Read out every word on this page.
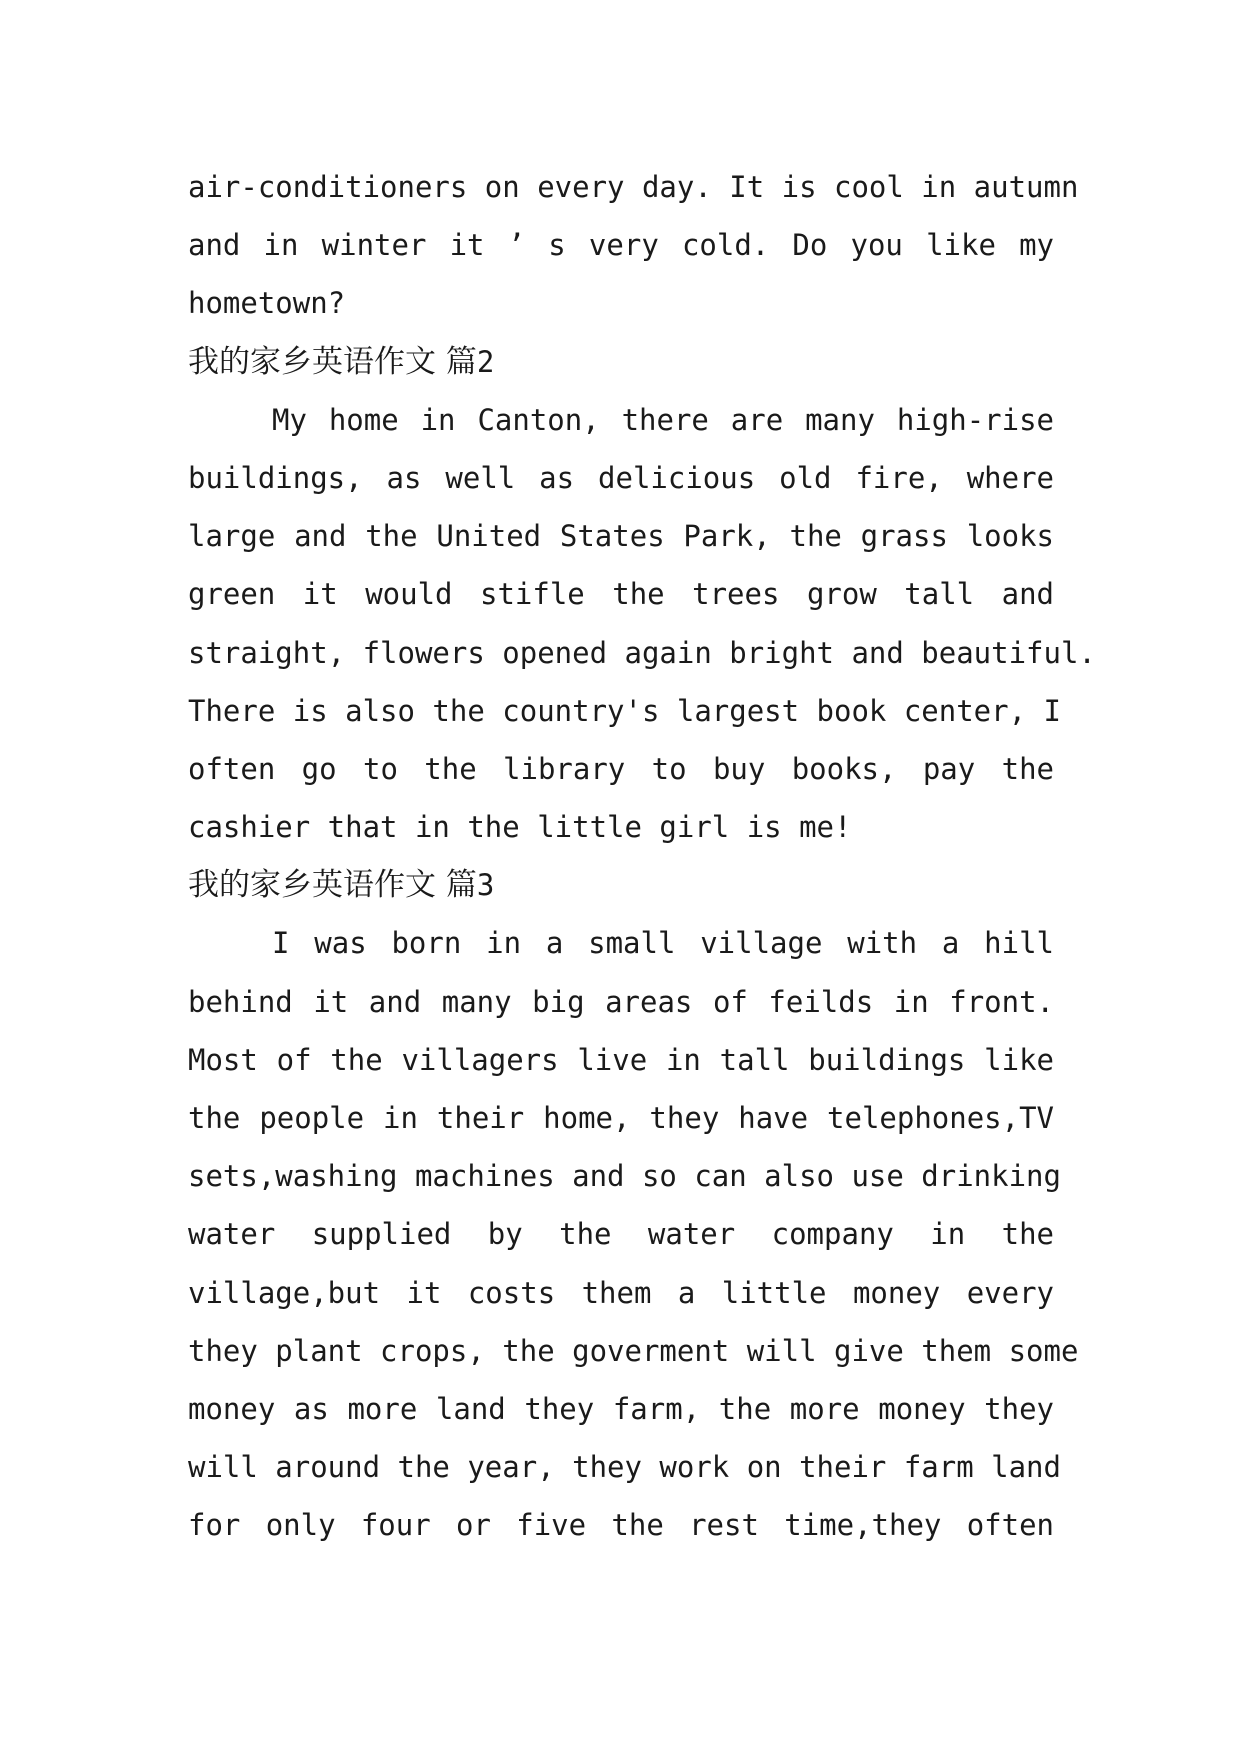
air-conditioners on every day. It is cool in autumn
and in winter it ’ s very cold. Do you like my
hometown?
我的家乡英语作文 篇2
My home in Canton, there are many high-rise
buildings, as well as delicious old fire, where
large and the United States Park, the grass looks
green it would stifle the trees grow tall and
straight, flowers opened again bright and beautiful.
There is also the country's largest book center, I
often go to the library to buy books, pay the
cashier that in the little girl is me!
我的家乡英语作文 篇3
I was born in a small village with a hill
behind it and many big areas of feilds in front.
Most of the villagers live in tall buildings like
the people in their home, they have telephones,TV
sets,washing machines and so can also use drinking
water supplied by the water company in the
village,but it costs them a little money every
they plant crops, the goverment will give them some
money as more land they farm, the more money they
will around the year, they work on their farm land
for only four or five the rest time,they often
